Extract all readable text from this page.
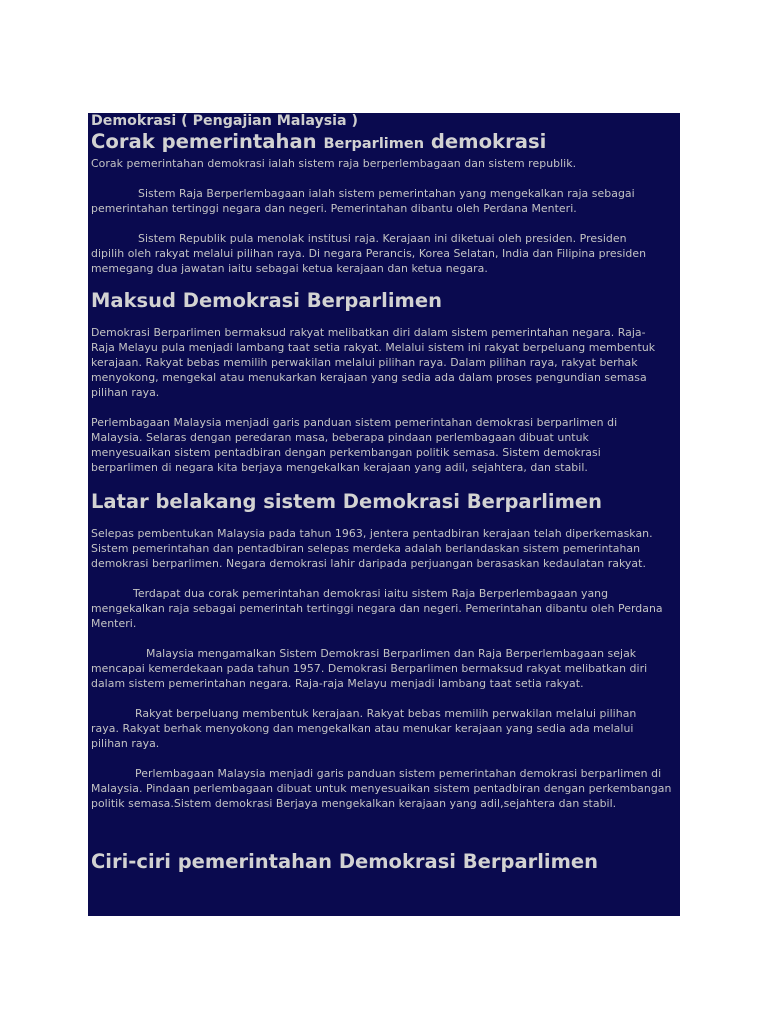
Demokrasi ( Pengajian Malaysia )
Corak pemerintahan Berparlimen demokrasi

Corak pemerintahan demokrasi ialah sistem raja berperlembagaan dan sistem republik.

Sistem Raja Berperlembagaan ialah sistem pemerintahan yang mengekalkan raja sebagai

pemerintahan tertinggi negara dan negeri. Pemerintahan dibantu oleh Perdana Menteri.

Sistem Republik pula menolak institusi raja. Kerajaan ini diketuai oleh presiden. Presiden

dipilih oleh rakyat melalui pilihan raya. Di negara Perancis, Korea Selatan, India dan Filipina presiden

memegang dua jawatan iaitu sebagai ketua kerajaan dan ketua negara.

Maksud Demokrasi Berparlimen

Demokrasi Berparlimen bermaksud rakyat melibatkan diri dalam sistem pemerintahan negara. Raja-

Raja Melayu pula menjadi lambang taat setia rakyat. Melalui sistem ini rakyat berpeluang membentuk

kerajaan. Rakyat bebas memilih perwakilan melalui pilihan raya. Dalam pilihan raya, rakyat berhak

menyokong, mengekal atau menukarkan kerajaan yang sedia ada dalam proses pengundian semasa

pilihan raya.

Perlembagaan Malaysia menjadi garis panduan sistem pemerintahan demokrasi berparlimen di

Malaysia. Selaras dengan peredaran masa, beberapa pindaan perlembagaan dibuat untuk

menyesuaikan sistem pentadbiran dengan perkembangan politik semasa. Sistem demokrasi

berparlimen di negara kita berjaya mengekalkan kerajaan yang adil, sejahtera, dan stabil.

Latar belakang sistem Demokrasi Berparlimen

Selepas pembentukan Malaysia pada tahun 1963, jentera pentadbiran kerajaan telah diperkemaskan.

Sistem pemerintahan dan pentadbiran selepas merdeka adalah berlandaskan sistem pemerintahan

demokrasi berparlimen. Negara demokrasi lahir daripada perjuangan berasaskan kedaulatan rakyat.

Terdapat dua corak pemerintahan demokrasi iaitu sistem Raja Berperlembagaan yang

mengekalkan raja sebagai pemerintah tertinggi negara dan negeri. Pemerintahan dibantu oleh Perdana

Menteri.

Malaysia mengamalkan Sistem Demokrasi Berparlimen dan Raja Berperlembagaan sejak

mencapai kemerdekaan pada tahun 1957. Demokrasi Berparlimen bermaksud rakyat melibatkan diri

dalam sistem pemerintahan negara. Raja-raja Melayu menjadi lambang taat setia rakyat.

Rakyat berpeluang membentuk kerajaan. Rakyat bebas memilih perwakilan melalui pilihan

raya. Rakyat berhak menyokong dan mengekalkan atau menukar kerajaan yang sedia ada melalui

pilihan raya.

Perlembagaan Malaysia menjadi garis panduan sistem pemerintahan demokrasi berparlimen di

Malaysia. Pindaan perlembagaan dibuat untuk menyesuaikan sistem pentadbiran dengan perkembangan

politik semasa.Sistem demokrasi Berjaya mengekalkan kerajaan yang adil,sejahtera dan stabil.

Ciri-ciri pemerintahan Demokrasi Berparlimen
